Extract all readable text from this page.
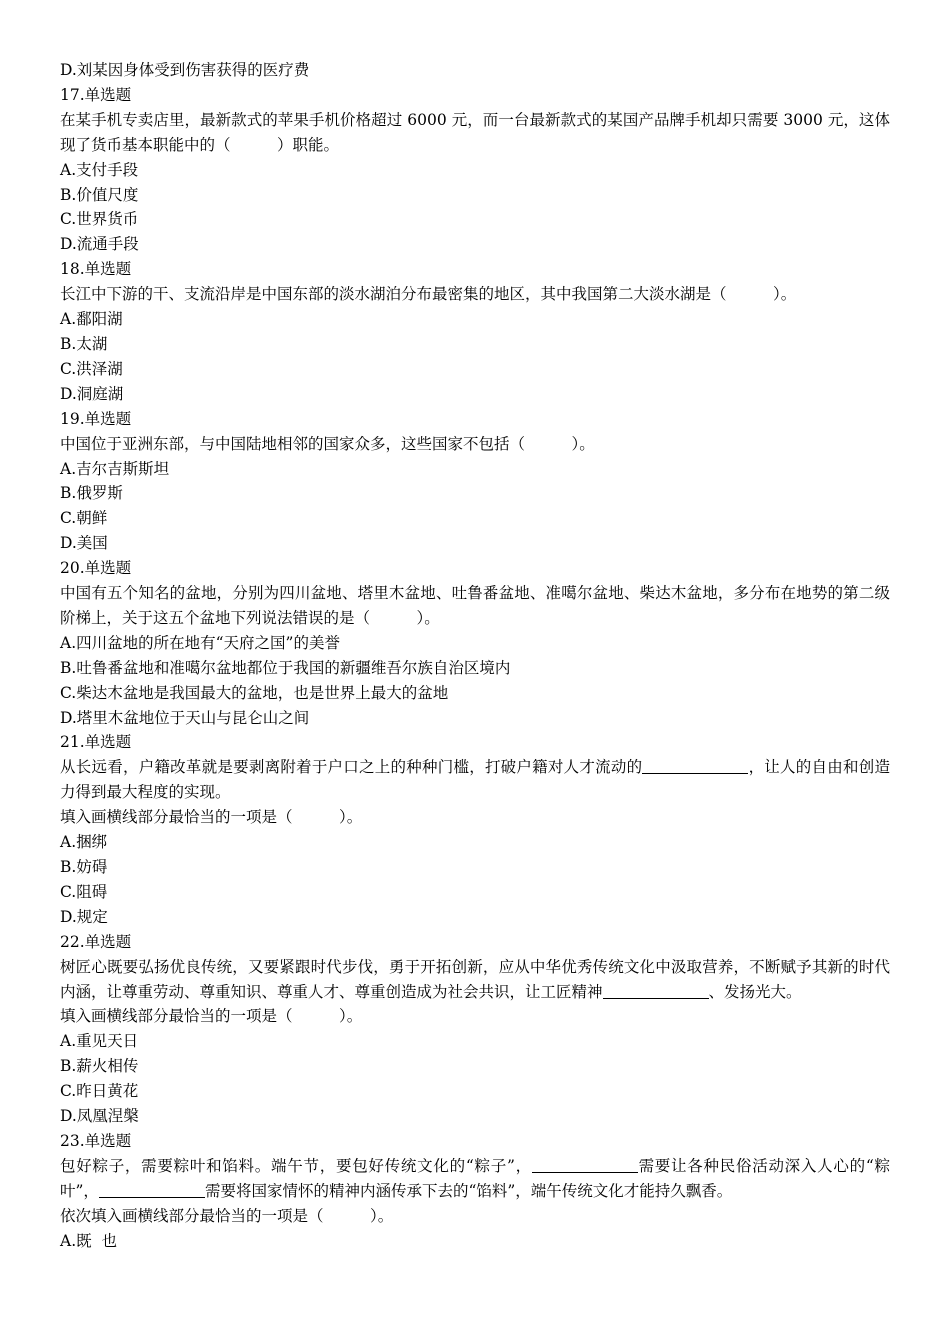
D.刘某因身体受到伤害获得的医疗费
17.单选题
在某手机专卖店里，最新款式的苹果手机价格超过 6000 元，而一台最新款式的某国产品牌手机却只需要 3000 元，这体现了货币基本职能中的（　　　）职能。
A.支付手段
B.价值尺度
C.世界货币
D.流通手段
18.单选题
长江中下游的干、支流沿岸是中国东部的淡水湖泊分布最密集的地区，其中我国第二大淡水湖是（　　　）。
A.鄱阳湖
B.太湖
C.洪泽湖
D.洞庭湖
19.单选题
中国位于亚洲东部，与中国陆地相邻的国家众多，这些国家不包括（　　　）。
A.吉尔吉斯斯坦
B.俄罗斯
C.朝鲜
D.美国
20.单选题
中国有五个知名的盆地，分别为四川盆地、塔里木盆地、吐鲁番盆地、准噶尔盆地、柴达木盆地，多分布在地势的第二级阶梯上，关于这五个盆地下列说法错误的是（　　　）。
A.四川盆地的所在地有“天府之国”的美誉
B.吐鲁番盆地和准噶尔盆地都位于我国的新疆维吾尔族自治区境内
C.柴达木盆地是我国最大的盆地，也是世界上最大的盆地
D.塔里木盆地位于天山与昆仑山之间
21.单选题
从长远看，户籍改革就是要剥离附着于户口之上的种种门槛，打破户籍对人才流动的	，让人的自由和创造力得到最大程度的实现。
填入画横线部分最恰当的一项是（　　　）。
A.捆绑
B.妨碍
C.阻碍
D.规定
22.单选题
树匠心既要弘扬优良传统，又要紧跟时代步伐，勇于开拓创新，应从中华优秀传统文化中汲取营养，不断赋予其新的时代内涵，让尊重劳动、尊重知识、尊重人才、尊重创造成为社会共识，让工匠精神	、发扬光大。
填入画横线部分最恰当的一项是（　　　）。
A.重见天日
B.薪火相传
C.昨日黄花
D.凤凰涅槃
23.单选题
包好粽子，需要粽叶和馅料。端午节，要包好传统文化的“粽子”，	需要让各种民俗活动深入人心的“粽叶”，	需要将国家情怀的精神内涵传承下去的“馅料”，端午传统文化才能持久飘香。
依次填入画横线部分最恰当的一项是（　　　）。
A.既  也
